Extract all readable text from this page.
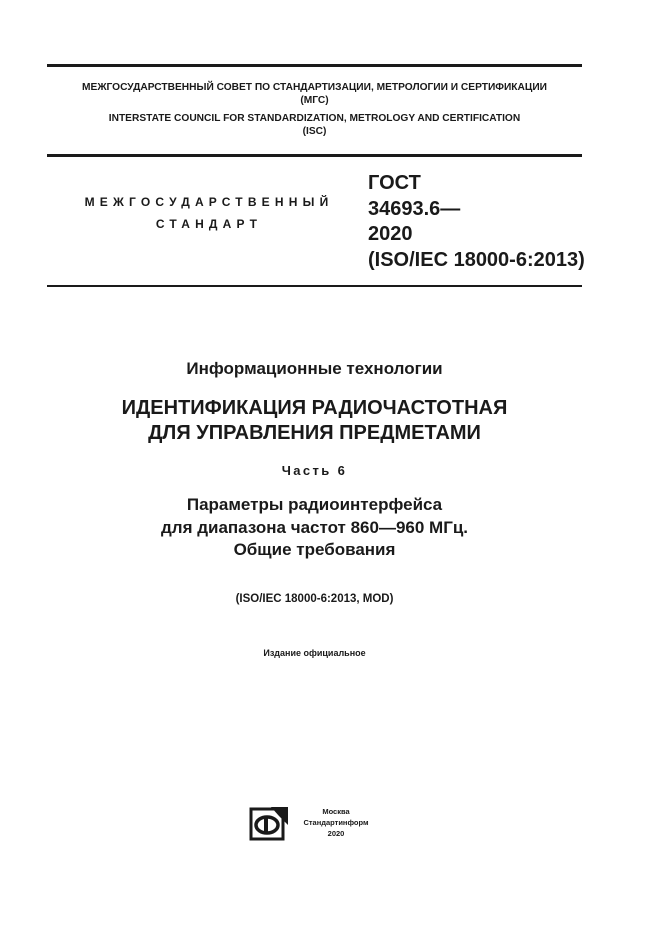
МЕЖГОСУДАРСТВЕННЫЙ СОВЕТ ПО СТАНДАРТИЗАЦИИ, МЕТРОЛОГИИ И СЕРТИФИКАЦИИ
(МГС)
INTERSTATE COUNCIL FOR STANDARDIZATION, METROLOGY AND CERTIFICATION
(ISC)
МЕЖГОСУДАРСТВЕННЫЙ
СТАНДАРТ
ГОСТ
34693.6—
2020
(ISO/IEC 18000-6:2013)
Информационные технологии
ИДЕНТИФИКАЦИЯ РАДИОЧАСТОТНАЯ
ДЛЯ УПРАВЛЕНИЯ ПРЕДМЕТАМИ
Часть 6
Параметры радиоинтерфейса
для диапазона частот 860—960 МГц.
Общие требования
(ISO/IEC 18000-6:2013, MOD)
Издание официальное
Москва
Стандартинформ
2020
